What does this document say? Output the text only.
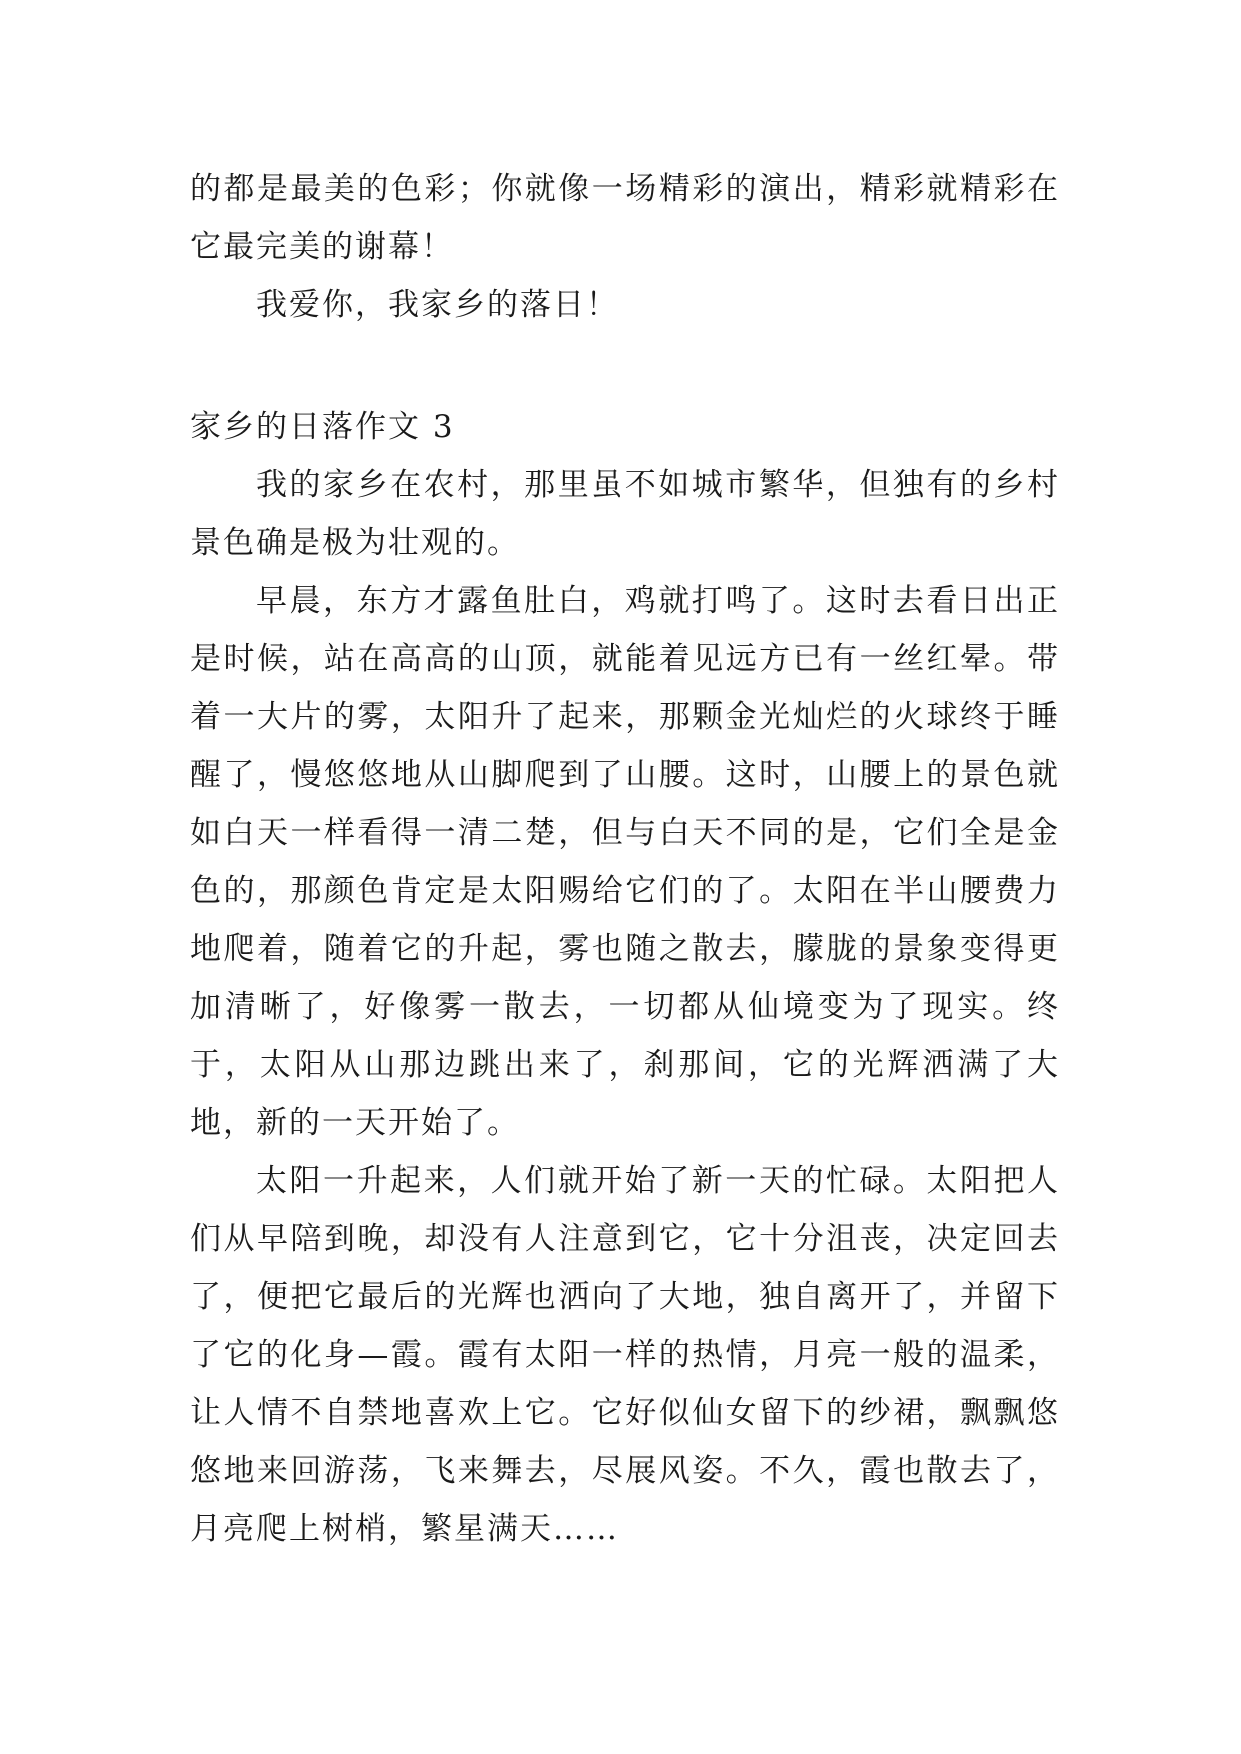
的都是最美的色彩；你就像一场精彩的演出，精彩就精彩在它最完美的谢幕！

我爱你，我家乡的落日！

家乡的日落作文 3

我的家乡在农村，那里虽不如城市繁华，但独有的乡村景色确是极为壮观的。

早晨，东方才露鱼肚白，鸡就打鸣了。这时去看日出正是时候，站在高高的山顶，就能着见远方已有一丝红晕。带着一大片的雾，太阳升了起来，那颗金光灿烂的火球终于睡醒了，慢悠悠地从山脚爬到了山腰。这时，山腰上的景色就如白天一样看得一清二楚，但与白天不同的是，它们全是金色的，那颜色肯定是太阳赐给它们的了。太阳在半山腰费力地爬着，随着它的升起，雾也随之散去，朦胧的景象变得更加清晰了，好像雾一散去，一切都从仙境变为了现实。终于，太阳从山那边跳出来了，刹那间，它的光辉洒满了大地，新的一天开始了。

太阳一升起来，人们就开始了新一天的忙碌。太阳把人们从早陪到晚，却没有人注意到它，它十分沮丧，决定回去了，便把它最后的光辉也洒向了大地，独自离开了，并留下了它的化身—霞。霞有太阳一样的热情，月亮一般的温柔，让人情不自禁地喜欢上它。它好似仙女留下的纱裙，飘飘悠悠地来回游荡，飞来舞去，尽展风姿。不久，霞也散去了，月亮爬上树梢，繁星满天……
